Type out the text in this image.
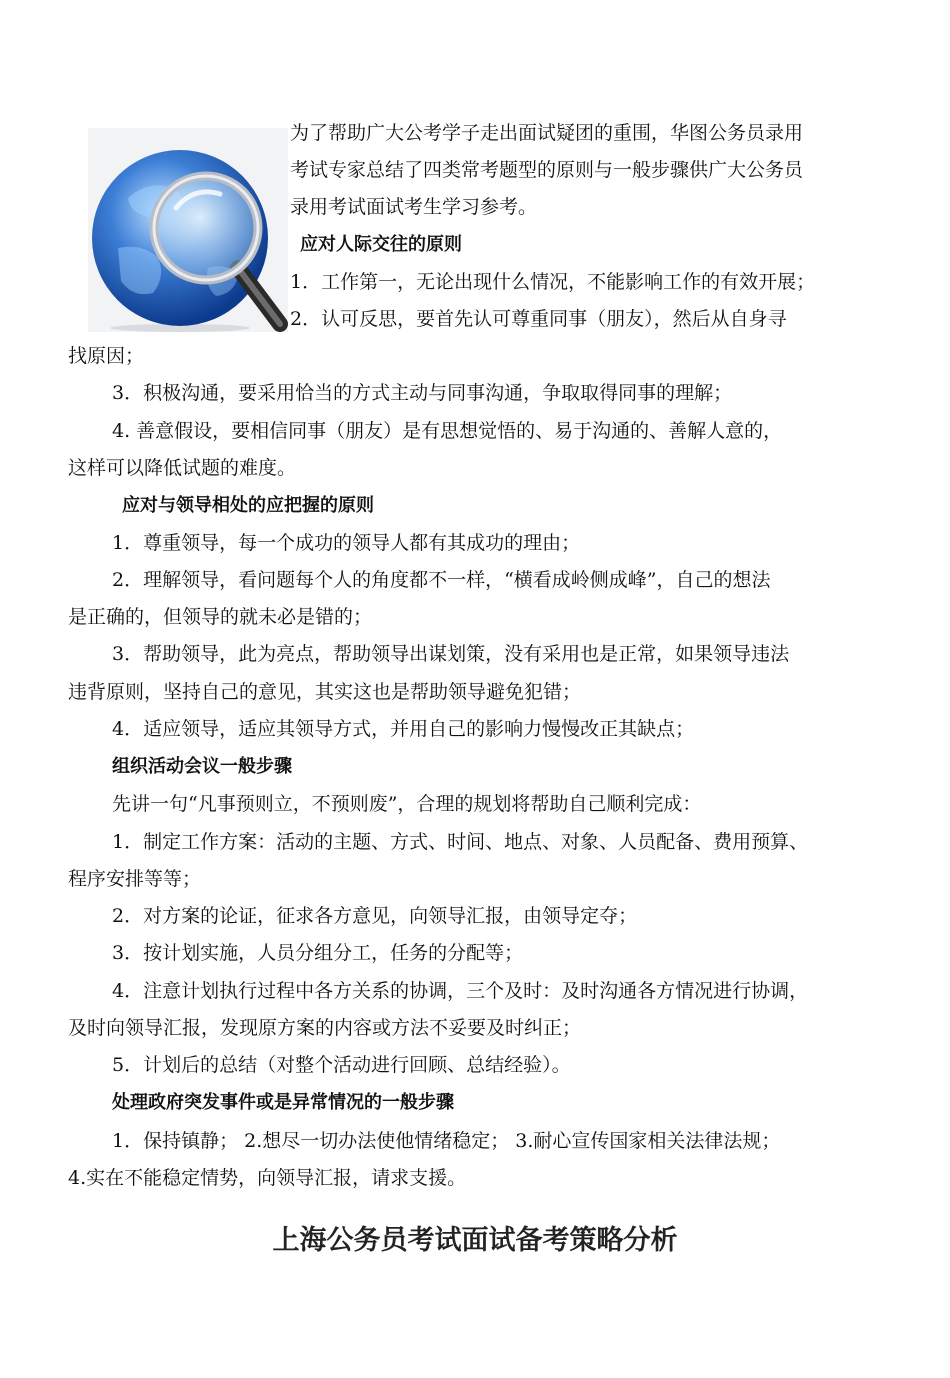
为了帮助广大公考学子走出面试疑团的重围，华图公务员录用
考试专家总结了四类常考题型的原则与一般步骤供广大公务员
录用考试面试考生学习参考。
应对人际交往的原则
1．工作第一，无论出现什么情况，不能影响工作的有效开展；
2．认可反思，要首先认可尊重同事（朋友），然后从自身寻
找原因；
3．积极沟通，要采用恰当的方式主动与同事沟通，争取取得同事的理解；
4. 善意假设，要相信同事（朋友）是有思想觉悟的、易于沟通的、善解人意的，
这样可以降低试题的难度。
应对与领导相处的应把握的原则
1．尊重领导，每一个成功的领导人都有其成功的理由；
2．理解领导，看问题每个人的角度都不一样，“横看成岭侧成峰”，自己的想法
是正确的，但领导的就未必是错的；
3．帮助领导，此为亮点，帮助领导出谋划策，没有采用也是正常，如果领导违法
违背原则，坚持自己的意见，其实这也是帮助领导避免犯错；
4．适应领导，适应其领导方式，并用自己的影响力慢慢改正其缺点；
组织活动会议一般步骤
先讲一句“凡事预则立，不预则废”，合理的规划将帮助自己顺利完成：
1．制定工作方案：活动的主题、方式、时间、地点、对象、人员配备、费用预算、
程序安排等等；
2．对方案的论证，征求各方意见，向领导汇报，由领导定夺；
3．按计划实施，人员分组分工，任务的分配等；
4．注意计划执行过程中各方关系的协调，三个及时：及时沟通各方情况进行协调，
及时向领导汇报，发现原方案的内容或方法不妥要及时纠正；
5．计划后的总结（对整个活动进行回顾、总结经验）。
处理政府突发事件或是异常情况的一般步骤
1．保持镇静； 2.想尽一切办法使他情绪稳定； 3.耐心宣传国家相关法律法规；
4.实在不能稳定情势，向领导汇报，请求支援。
上海公务员考试面试备考策略分析
